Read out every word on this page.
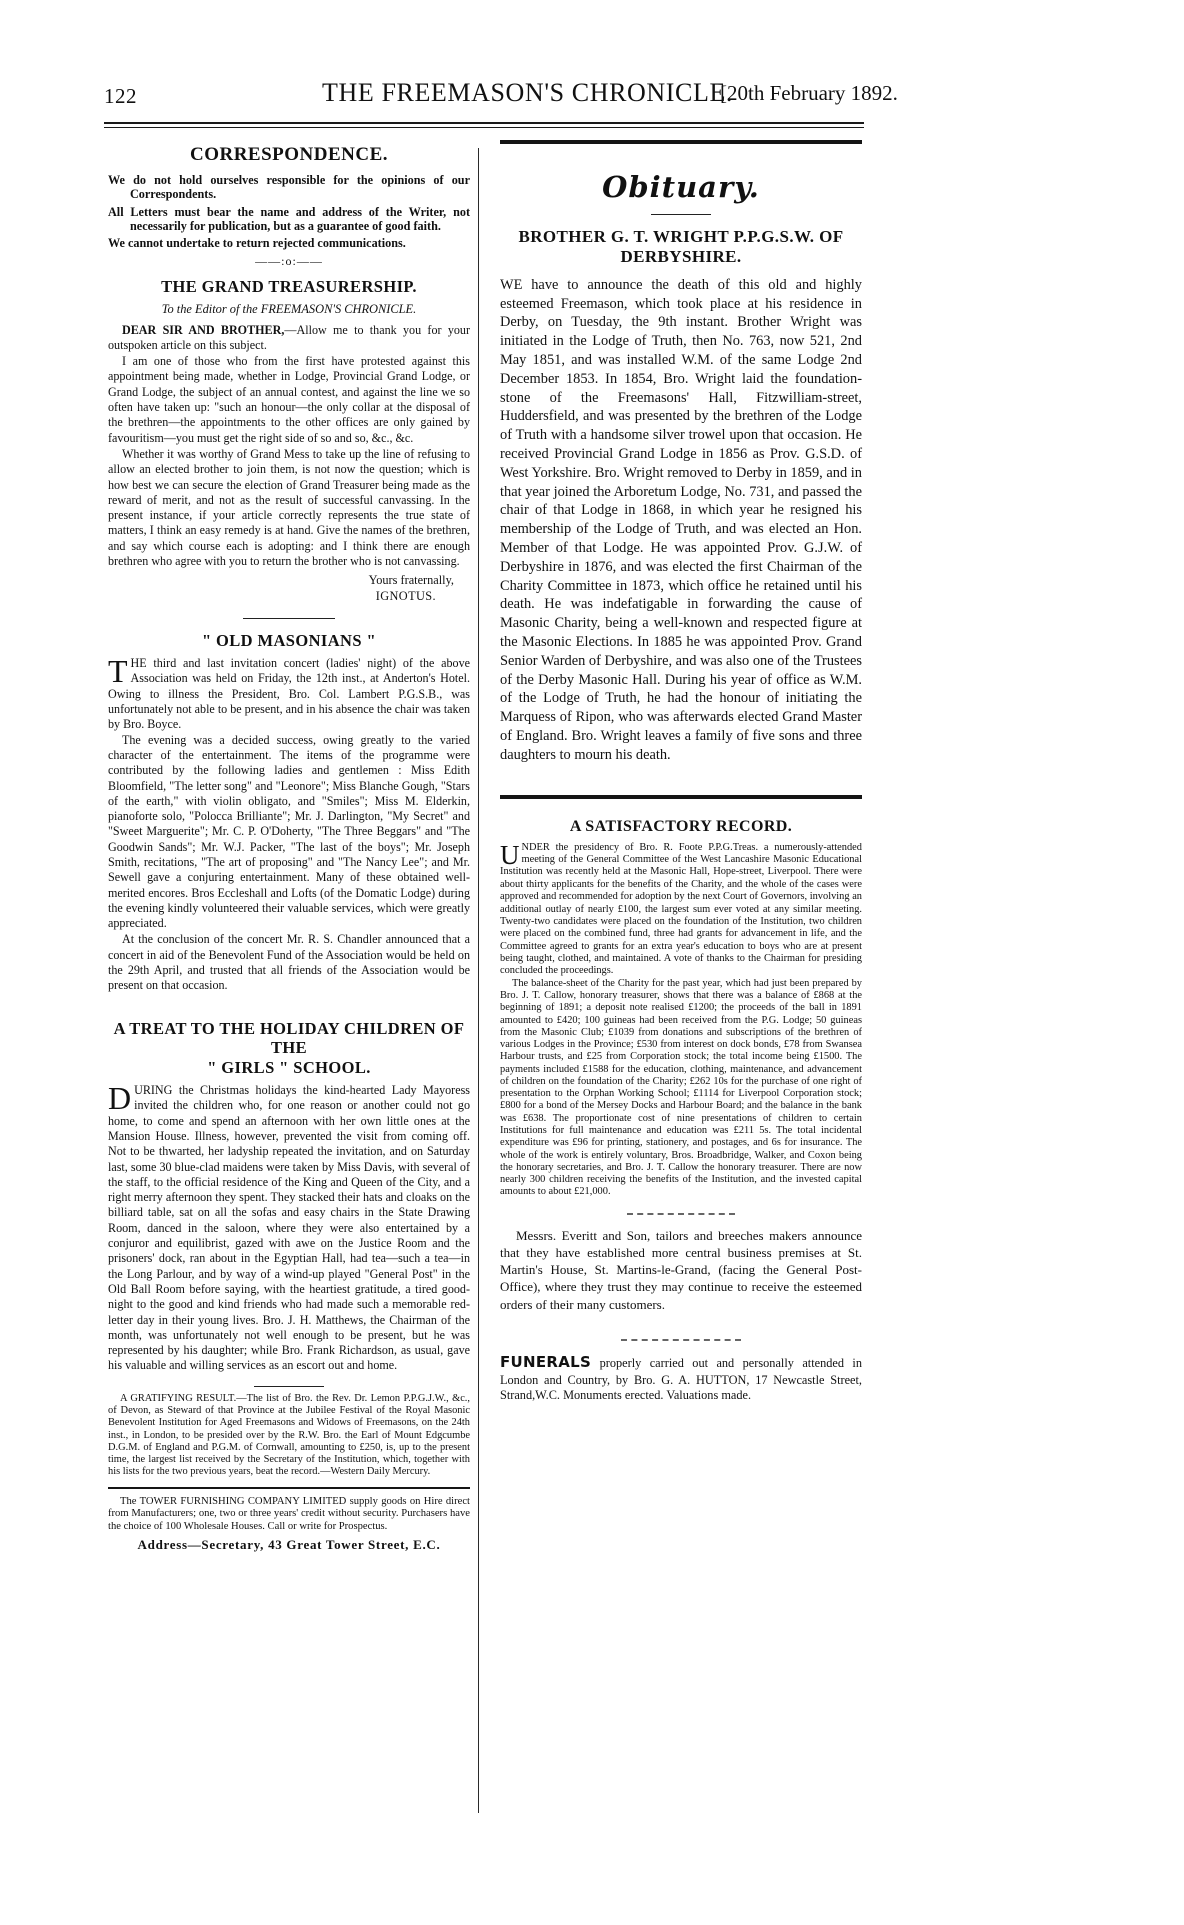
122	THE FREEMASON'S CHRONICLE.
[20th February 1892.
CORRESPONDENCE.

We do not hold ourselves responsible for the opinions of our Correspondents.

All Letters must bear the name and address of the Writer, not necessarily for publication, but as a guarantee of good faith.

We cannot undertake to return rejected communications.

——:o:——
THE GRAND TREASURERSHIP.

To the Editor of the FREEMASON'S CHRONICLE.

DEAR SIR AND BROTHER,—Allow me to thank you for your outspoken article on this subject.

I am one of those who from the first have protested against this appointment being made, whether in Lodge, Provincial Grand Lodge, or Grand Lodge, the subject of an annual contest, and against the line we so often have taken up: "such an honour—the only collar at the disposal of the brethren—the appointments to the other offices are only gained by favouritism—you must get the right side of so and so, &c., &c.

Whether it was worthy of Grand Mess to take up the line of refusing to allow an elected brother to join them, is not now the question; which is how best we can secure the election of Grand Treasurer being made as the reward of merit, and not as the result of successful canvassing. In the present instance, if your article correctly represents the true state of matters, I think an easy remedy is at hand. Give the names of the brethren, and say which course each is adopting: and I think there are enough brethren who agree with you to return the brother who is not canvassing.

Yours fraternally,
IGNOTUS.
" OLD MASONIANS "

THE third and last invitation concert (ladies' night) of the above Association was held on Friday, the 12th inst., at Anderton's Hotel. Owing to illness the President, Bro. Col. Lambert P.G.S.B., was unfortunately not able to be present, and in his absence the chair was taken by Bro. Boyce.

The evening was a decided success, owing greatly to the varied character of the entertainment. The items of the programme were contributed by the following ladies and gentlemen : Miss Edith Bloomfield, "The letter song" and "Leonore"; Miss Blanche Gough, "Stars of the earth," with violin obligato, and "Smiles"; Miss M. Elderkin, pianoforte solo, "Polocca Brilliante"; Mr. J. Darlington, "My Secret" and "Sweet Marguerite"; Mr. C. P. O'Doherty, "The Three Beggars" and "The Goodwin Sands"; Mr. W.J. Packer, "The last of the boys"; Mr. Joseph Smith, recitations, "The art of proposing" and "The Nancy Lee"; and Mr. Sewell gave a conjuring entertainment. Many of these obtained well-merited encores. Bros Eccleshall and Lofts (of the Domatic Lodge) during the evening kindly volunteered their valuable services, which were greatly appreciated.

At the conclusion of the concert Mr. R. S. Chandler announced that a concert in aid of the Benevolent Fund of the Association would be held on the 29th April, and trusted that all friends of the Association would be present on that occasion.

A TREAT TO THE HOLIDAY CHILDREN OF THE
" GIRLS " SCHOOL.

DURING the Christmas holidays the kind-hearted Lady Mayoress invited the children who, for one reason or another could not go home, to come and spend an afternoon with her own little ones at the Mansion House. Illness, however, prevented the visit from coming off. Not to be thwarted, her ladyship repeated the invitation, and on Saturday last, some 30 blue-clad maidens were taken by Miss Davis, with several of the staff, to the official residence of the King and Queen of the City, and a right merry afternoon they spent. They stacked their hats and cloaks on the billiard table, sat on all the sofas and easy chairs in the State Drawing Room, danced in the saloon, where they were also entertained by a conjuror and equilibrist, gazed with awe on the Justice Room and the prisoners' dock, ran about in the Egyptian Hall, had tea—such a tea—in the Long Parlour, and by way of a wind-up played "General Post" in the Old Ball Room before saying, with the heartiest gratitude, a tired good-night to the good and kind friends who had made such a memorable red-letter day in their young lives. Bro. J. H. Matthews, the Chairman of the month, was unfortunately not well enough to be present, but he was represented by his daughter; while Bro. Frank Richardson, as usual, gave his valuable and willing services as an escort out and home.

A GRATIFYING RESULT.—The list of Bro. the Rev. Dr. Lemon P.P.G.J.W., &c., of Devon, as Steward of that Province at the Jubilee Festival of the Royal Masonic Benevolent Institution for Aged Freemasons and Widows of Freemasons, on the 24th inst., in London, to be presided over by the R.W. Bro. the Earl of Mount Edgcumbe D.G.M. of England and P.G.M. of Cornwall, amounting to £250, is, up to the present time, the largest list received by the Secretary of the Institution, which, together with his lists for the two previous years, beat the record.—Western Daily Mercury.

The TOWER FURNISHING COMPANY LIMITED supply goods on Hire direct from Manufacturers; one, two or three years' credit without security. Purchasers have the choice of 100 Wholesale Houses. Call or write for Prospectus.

Address—Secretary, 43 Great Tower Street, E.C.
Obituary.
BROTHER G. T. WRIGHT P.P.G.S.W. OF
DERBYSHIRE.

WE have to announce the death of this old and highly esteemed Freemason, which took place at his residence in Derby, on Tuesday, the 9th instant. Brother Wright was initiated in the Lodge of Truth, then No. 763, now 521, 2nd May 1851, and was installed W.M. of the same Lodge 2nd December 1853. In 1854, Bro. Wright laid the foundation-stone of the Freemasons' Hall, Fitzwilliam-street, Huddersfield, and was presented by the brethren of the Lodge of Truth with a handsome silver trowel upon that occasion. He received Provincial Grand Lodge in 1856 as Prov. G.S.D. of West Yorkshire. Bro. Wright removed to Derby in 1859, and in that year joined the Arboretum Lodge, No. 731, and passed the chair of that Lodge in 1868, in which year he resigned his membership of the Lodge of Truth, and was elected an Hon. Member of that Lodge. He was appointed Prov. G.J.W. of Derbyshire in 1876, and was elected the first Chairman of the Charity Committee in 1873, which office he retained until his death. He was indefatigable in forwarding the cause of Masonic Charity, being a well-known and respected figure at the Masonic Elections. In 1885 he was appointed Prov. Grand Senior Warden of Derbyshire, and was also one of the Trustees of the Derby Masonic Hall. During his year of office as W.M. of the Lodge of Truth, he had the honour of initiating the Marquess of Ripon, who was afterwards elected Grand Master of England. Bro. Wright leaves a family of five sons and three daughters to mourn his death.

A SATISFACTORY RECORD.

UNDER the presidency of Bro. R. Foote P.P.G.Treas. a numerously-attended meeting of the General Committee of the West Lancashire Masonic Educational Institution was recently held at the Masonic Hall, Hope-street, Liverpool. There were about thirty applicants for the benefits of the Charity, and the whole of the cases were approved and recommended for adoption by the next Court of Governors, involving an additional outlay of nearly £100, the largest sum ever voted at any similar meeting. Twenty-two candidates were placed on the foundation of the Institution, two children were placed on the combined fund, three had grants for advancement in life, and the Committee agreed to grants for an extra year's education to boys who are at present being taught, clothed, and maintained. A vote of thanks to the Chairman for presiding concluded the proceedings.

The balance-sheet of the Charity for the past year, which had just been prepared by Bro. J. T. Callow, honorary treasurer, shows that there was a balance of £868 at the beginning of 1891; a deposit note realised £1200; the proceeds of the ball in 1891 amounted to £420; 100 guineas had been received from the P.G. Lodge; 50 guineas from the Masonic Club; £1039 from donations and subscriptions of the brethren of various Lodges in the Province; £530 from interest on dock bonds, £78 from Swansea Harbour trusts, and £25 from Corporation stock; the total income being £1500. The payments included £1588 for the education, clothing, maintenance, and advancement of children on the foundation of the Charity; £262 10s for the purchase of one right of presentation to the Orphan Working School; £1114 for Liverpool Corporation stock; £800 for a bond of the Mersey Docks and Harbour Board; and the balance in the bank was £638. The proportionate cost of nine presentations of children to certain Institutions for full maintenance and education was £211 5s. The total incidental expenditure was £96 for printing, stationery, and postages, and 6s for insurance. The whole of the work is entirely voluntary, Bros. Broadbridge, Walker, and Coxon being the honorary secretaries, and Bro. J. T. Callow the honorary treasurer. There are now nearly 300 children receiving the benefits of the Institution, and the invested capital amounts to about £21,000.

Messrs. Everitt and Son, tailors and breeches makers announce that they have established more central business premises at St. Martin's House, St. Martins-le-Grand, (facing the General Post-Office), where they trust they may continue to receive the esteemed orders of their many customers.

FUNERALS properly carried out and personally attended in London and Country, by Bro. G. A. HUTTON, 17 Newcastle Street, Strand,W.C. Monuments erected. Valuations made.
